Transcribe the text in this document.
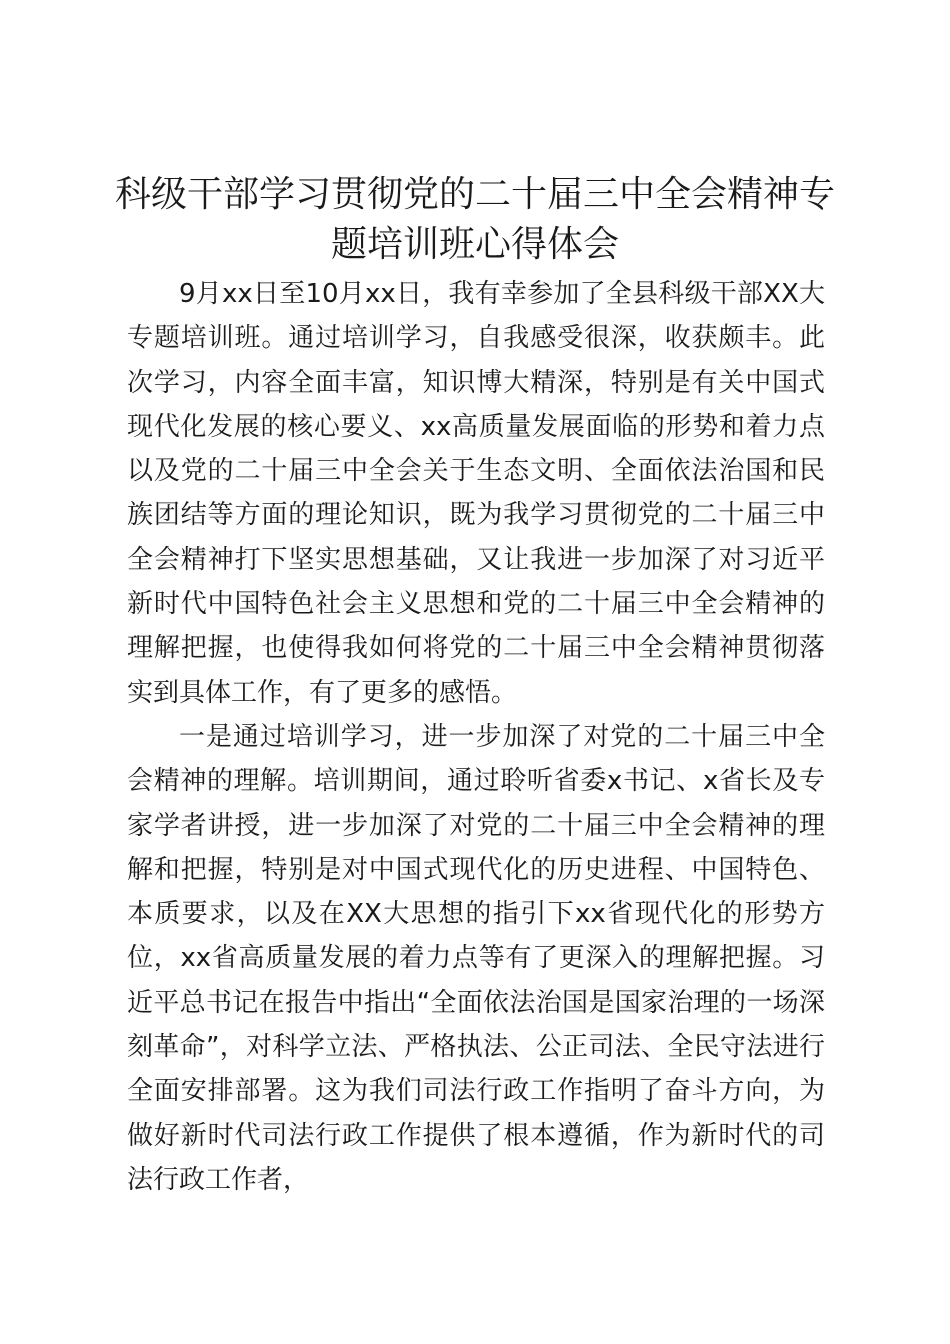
科级干部学习贯彻党的二十届三中全会精神专题培训班心得体会

9月xx日至10月xx日，我有幸参加了全县科级干部XX大专题培训班。通过培训学习，自我感受很深，收获颇丰。此次学习，内容全面丰富，知识博大精深，特别是有关中国式现代化发展的核心要义、xx高质量发展面临的形势和着力点以及党的二十届三中全会关于生态文明、全面依法治国和民族团结等方面的理论知识，既为我学习贯彻党的二十届三中全会精神打下坚实思想基础，又让我进一步加深了对习近平新时代中国特色社会主义思想和党的二十届三中全会精神的理解把握，也使得我如何将党的二十届三中全会精神贯彻落实到具体工作，有了更多的感悟。

一是通过培训学习，进一步加深了对党的二十届三中全会精神的理解。培训期间，通过聆听省委x书记、x省长及专家学者讲授，进一步加深了对党的二十届三中全会精神的理解和把握，特别是对中国式现代化的历史进程、中国特色、本质要求，以及在XX大思想的指引下xx省现代化的形势方位，xx省高质量发展的着力点等有了更深入的理解把握。习近平总书记在报告中指出“全面依法治国是国家治理的一场深刻革命”，对科学立法、严格执法、公正司法、全民守法进行全面安排部署。这为我们司法行政工作指明了奋斗方向，为做好新时代司法行政工作提供了根本遵循，作为新时代的司法行政工作者，
